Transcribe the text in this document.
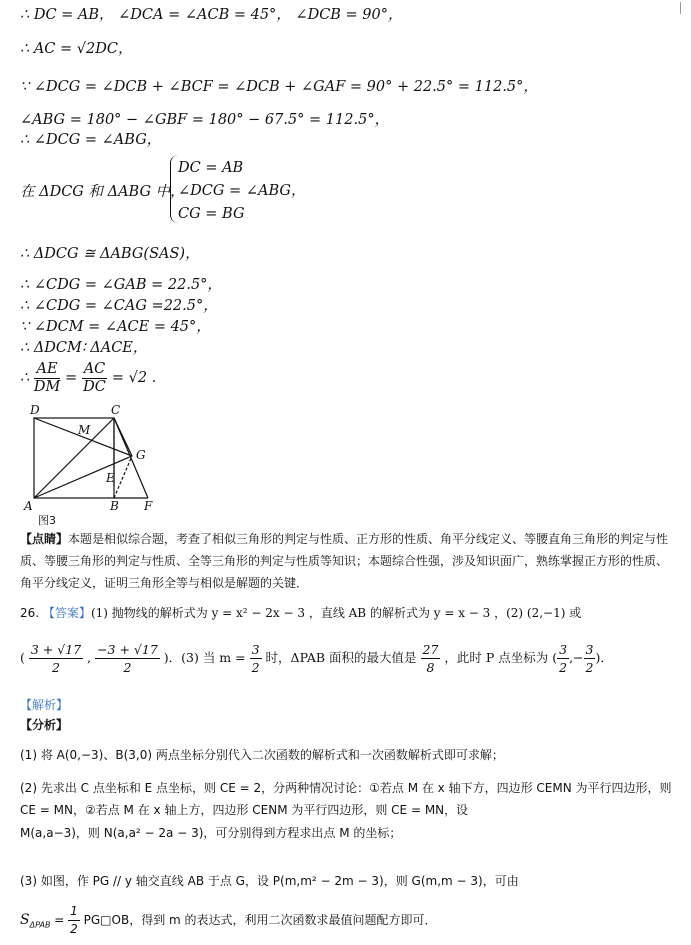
∴ DC = AB， ∠DCA = ∠ACB = 45°， ∠DCB = 90°，
∴ AC = √2DC，
∵ ∠DCG = ∠DCB + ∠BCF = ∠DCB + ∠GAF = 90° + 22.5° = 112.5°，
∠ABG = 180° − ∠GBF = 180° − 67.5° = 112.5°，
∴ ∠DCG = ∠ABG，
在 ΔDCG 和 ΔABG 中，
DC = AB
∠DCG = ∠ABG，
CG = BG
∴ ΔDCG ≅ ΔABG(SAS)，
∴ ∠CDG = ∠GAB = 22.5°，
∴ ∠CDG = ∠CAG =22.5°，
∵ ∠DCM = ∠ACE = 45°，
∴ ΔDCM∶ ΔACE，
∴ $\frac{AE}{DM} = \frac{AC}{DC} = √2$ .
D	C
M
G
E
A	B F
图3
【点睛】本题是相似综合题，考查了相似三角形的判定与性质、正方形的性质、角平分线定义、等腰直角三角形的判定与性质、等腰三角形的判定与性质、全等三角形的判定与性质等知识；本题综合性强，涉及知识面广，熟练掌握正方形的性质、角平分线定义，证明三角形全等与相似是解题的关键．
26. 【答案】(1) 抛物线的解析式为 y = x² − 2x − 3 ，直线 AB 的解析式为 y = x − 3 ，(2) (2,−1) 或
( $\frac{3 + √17}{2}$ , $\frac{-3 + √17}{2}$ )．(3) 当 $m = \frac{3}{2}$ 时，ΔPAB 面积的最大值是 $\frac{27}{8}$ ，此时 P 点坐标为 ( $\frac{3}{2}$ ,− $\frac{3}{2}$ )．
【解析】
【分析】
(1) 将 A(0,−3)、B(3,0) 两点坐标分别代入二次函数的解析式和一次函数解析式即可求解；
(2) 先求出 C 点坐标和 E 点坐标，则 CE = 2，分两种情况讨论：①若点 M 在 x 轴下方，四边形 CEMN 为平行四边形，则 CE = MN，②若点 M 在 x 轴上方，四边形 CENM 为平行四边形，则 CE = MN，设
M(a,a−3)，则 N(a,a² − 2a − 3)，可分别得到方程求出点 M 的坐标；
(3) 如图，作 PG // y 轴交直线 AB 于点 G，设 P(m,m² − 2m − 3)，则 G(m,m − 3)，可由
$S_{\Delta PAB} = \frac{1}{2}$ PG□OB，得到 m 的表达式，利用二次函数求最值问题配方即可．
